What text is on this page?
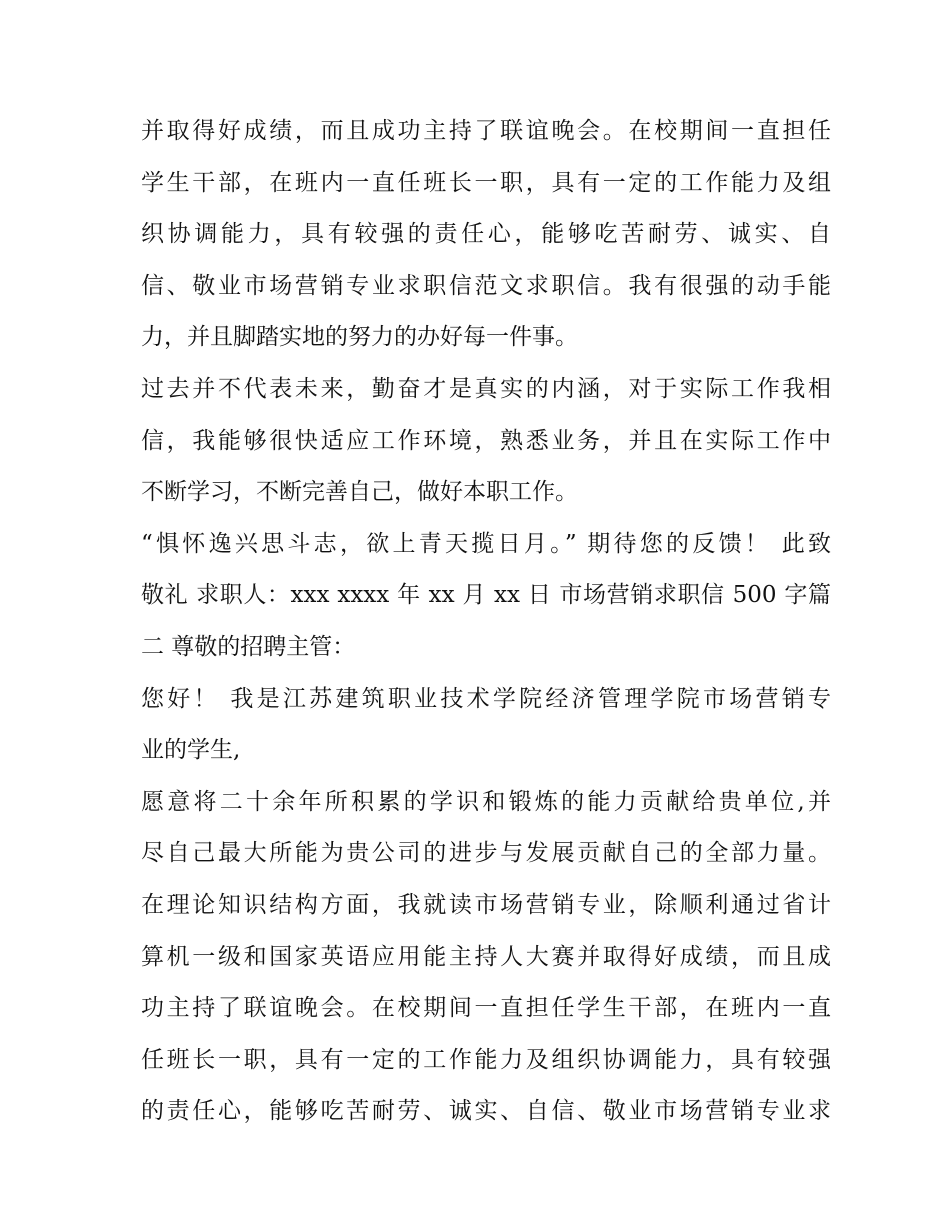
并取得好成绩，而且成功主持了联谊晚会。在校期间一直担任
学生干部，在班内一直任班长一职，具有一定的工作能力及组
织协调能力，具有较强的责任心，能够吃苦耐劳、诚实、自
信、敬业市场营销专业求职信范文求职信。我有很强的动手能
力，并且脚踏实地的努力的办好每一件事。
过去并不代表未来，勤奋才是真实的内涵，对于实际工作我相
信，我能够很快适应工作环境，熟悉业务，并且在实际工作中
不断学习，不断完善自己，做好本职工作。
“惧怀逸兴思斗志，欲上青天揽日月。” 期待您的反馈！ 此致
敬礼 求职人：xxx xxxx 年 xx 月 xx 日 市场营销求职信 500 字篇
二 尊敬的招聘主管：
您好！ 我是江苏建筑职业技术学院经济管理学院市场营销专
业的学生,
愿意将二十余年所积累的学识和锻炼的能力贡献给贵单位,并
尽自己最大所能为贵公司的进步与发展贡献自己的全部力量。
在理论知识结构方面，我就读市场营销专业，除顺利通过省计
算机一级和国家英语应用能主持人大赛并取得好成绩，而且成
功主持了联谊晚会。在校期间一直担任学生干部，在班内一直
任班长一职，具有一定的工作能力及组织协调能力，具有较强
的责任心，能够吃苦耐劳、诚实、自信、敬业市场营销专业求
